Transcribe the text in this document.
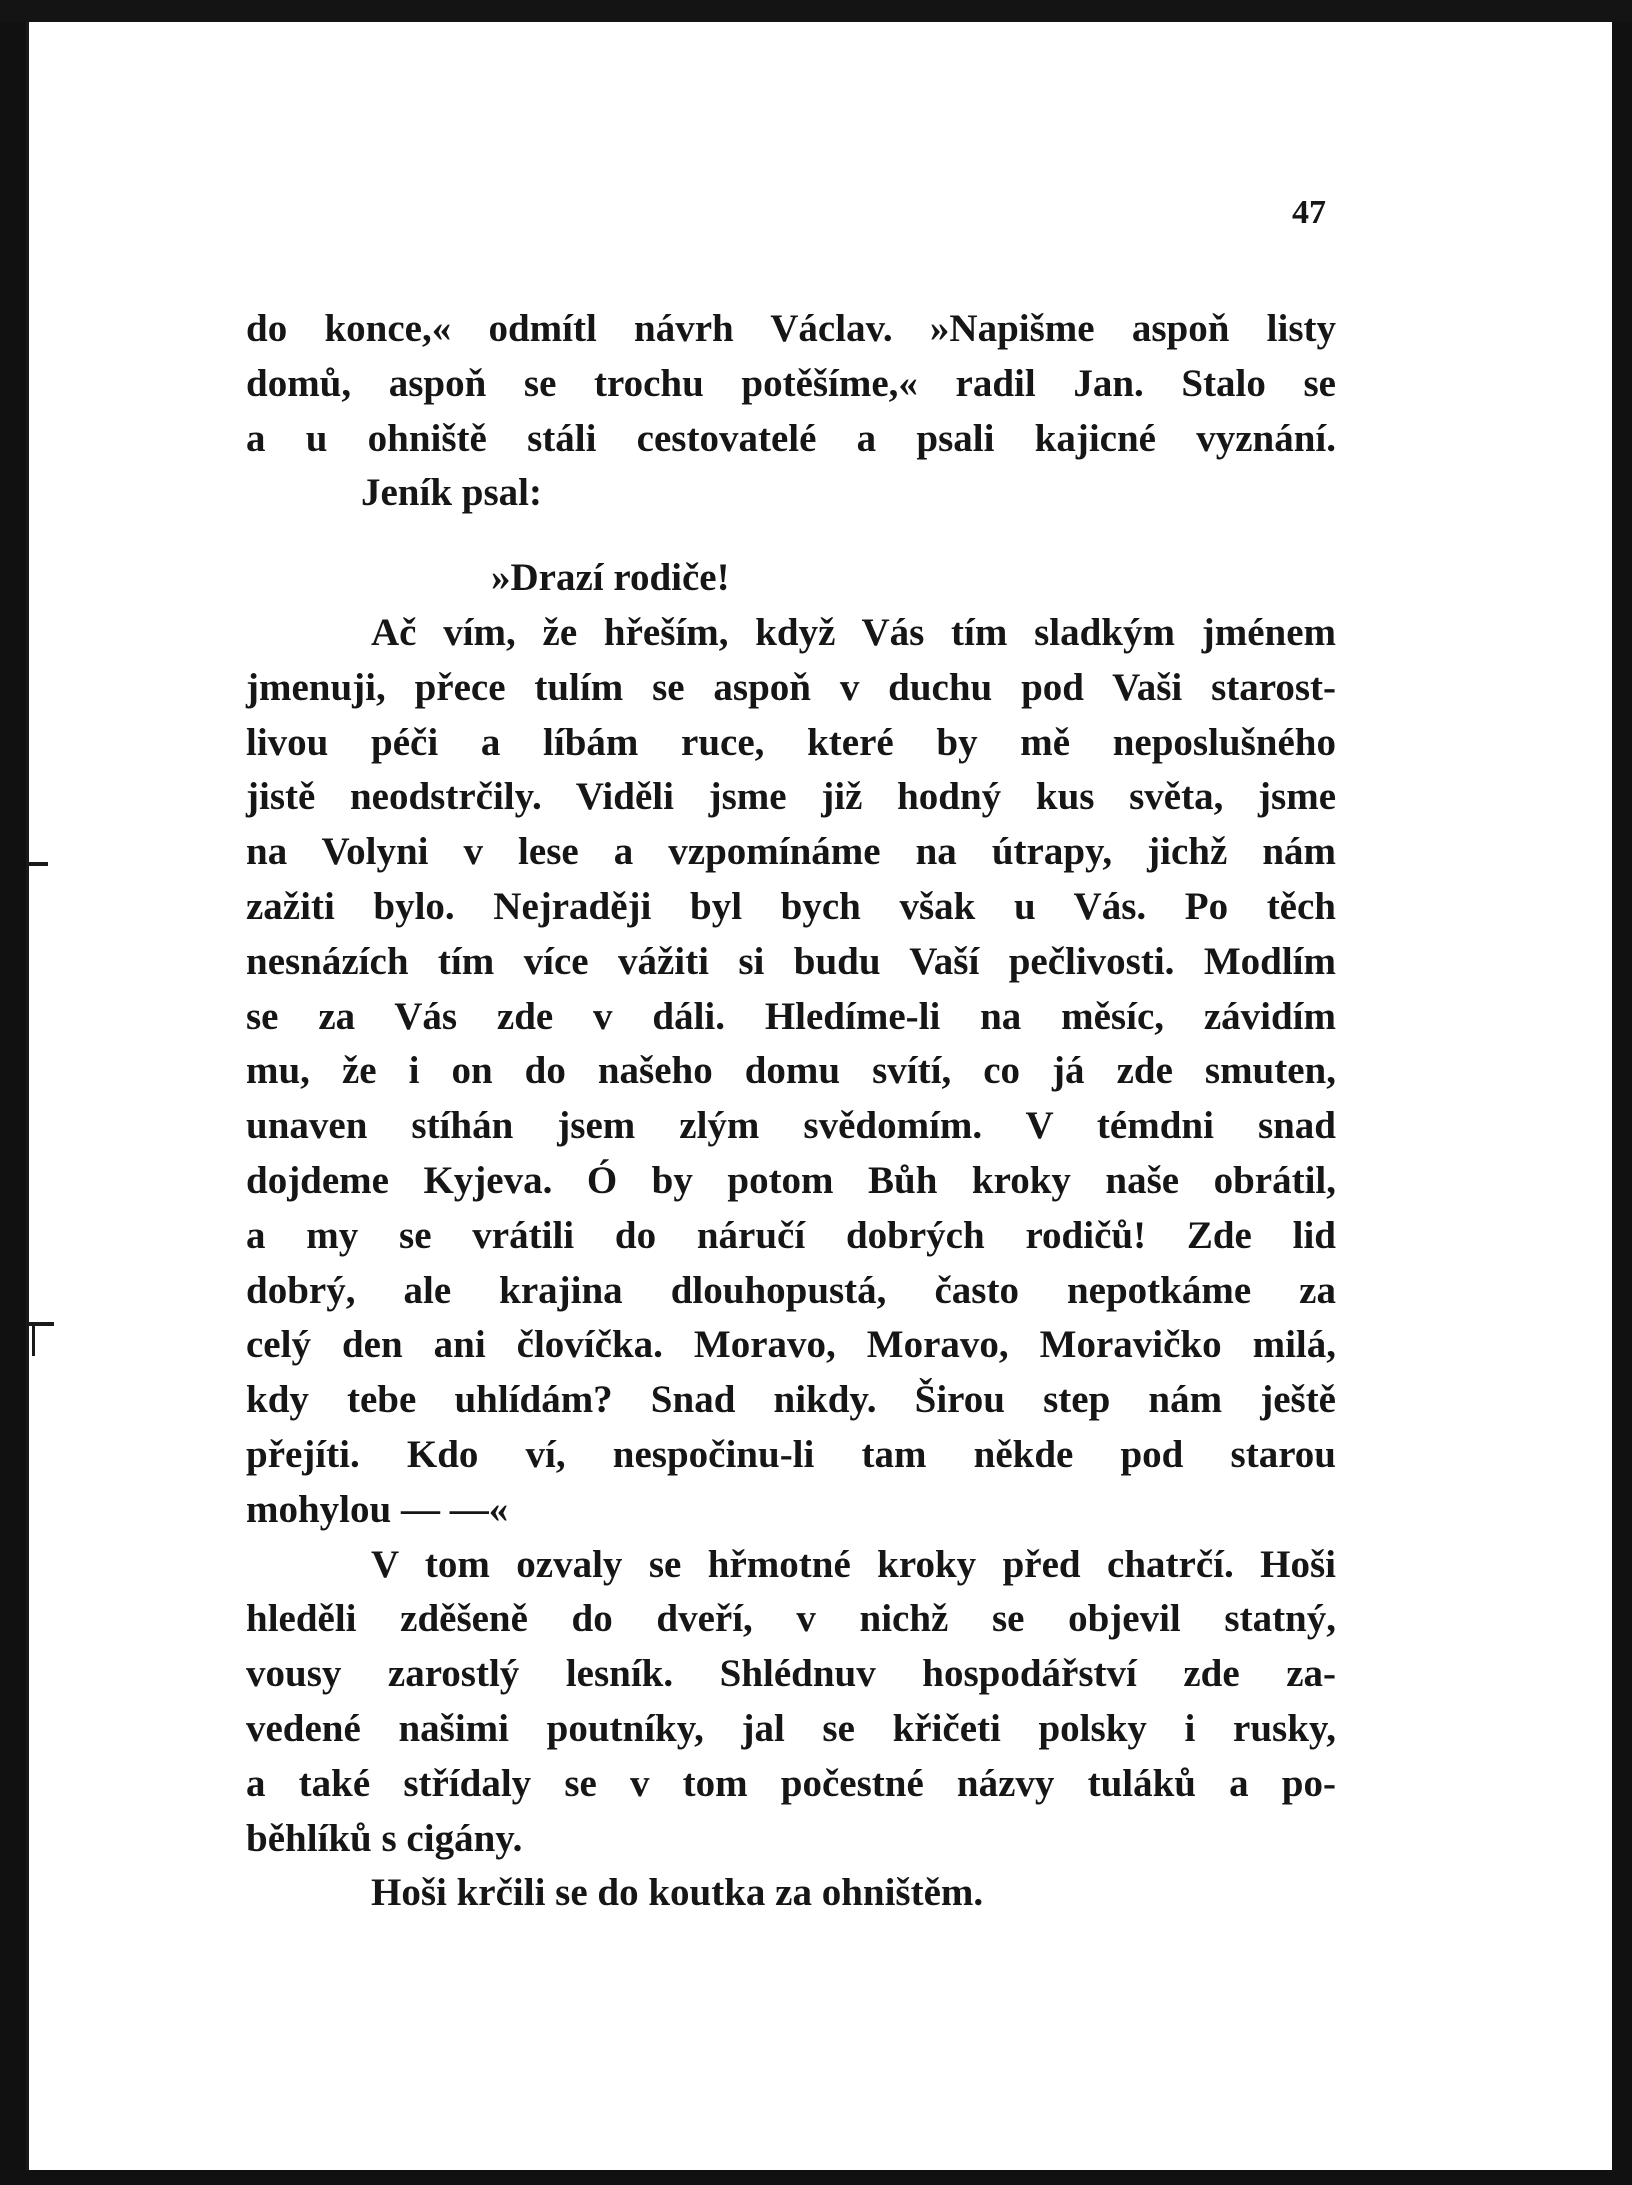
47
do konce,« odmítl návrh Václav. »Napišme aspoň listy
domů, aspoň se trochu potěšíme,« radil Jan. Stalo se
a u ohniště stáli cestovatelé a psali kajicné vyznání.
Jeník psal:
»Drazí rodiče!
Ač vím, že hřeším, když Vás tím sladkým jménem
jmenuji, přece tulím se aspoň v duchu pod Vaši starost-
livou péči a líbám ruce, které by mě neposlušného
jistě neodstrčily. Viděli jsme již hodný kus světa, jsme
na Volyni v lese a vzpomínáme na útrapy, jichž nám
zažiti bylo. Nejraději byl bych však u Vás. Po těch
nesnázích tím více vážiti si budu Vaší pečlivosti. Modlím
se za Vás zde v dáli. Hledíme-li na měsíc, závidím
mu, že i on do našeho domu svítí, co já zde smuten,
unaven stíhán jsem zlým svědomím. V témdni snad
dojdeme Kyjeva. Ó by potom Bůh kroky naše obrátil,
a my se vrátili do náručí dobrých rodičů! Zde lid
dobrý, ale krajina dlouhopustá, často nepotkáme za
celý den ani človíčka. Moravo, Moravo, Moravičko milá,
kdy tebe uhlídám? Snad nikdy. Širou step nám ještě
přejíti. Kdo ví, nespočinu-li tam někde pod starou
mohylou — —«
V tom ozvaly se hřmotné kroky před chatrčí. Hoši
hleděli zděšeně do dveří, v nichž se objevil statný,
vousy zarostlý lesník. Shlédnuv hospodářství zde za-
vedené našimi poutníky, jal se křičeti polsky i rusky,
a také střídaly se v tom počestné názvy tuláků a po-
běhlíků s cigány.
Hoši krčili se do koutka za ohništěm.
